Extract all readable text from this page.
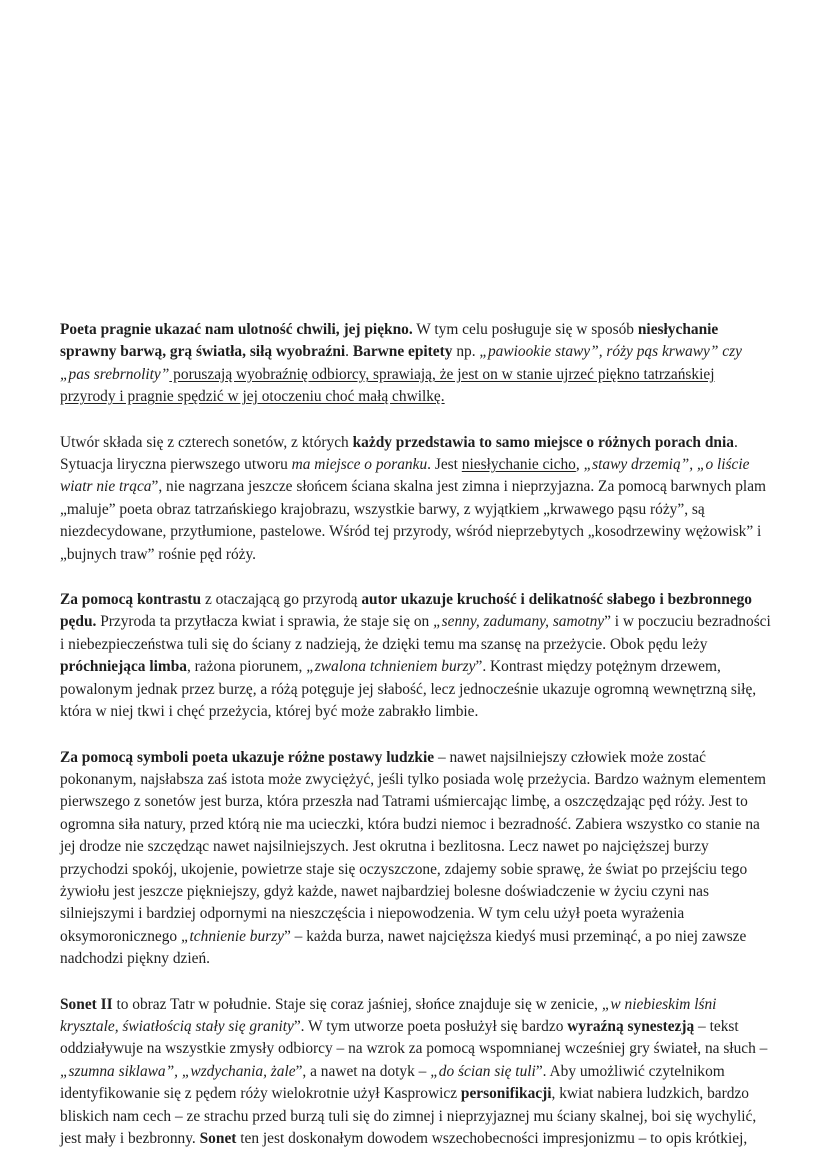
Poeta pragnie ukazać nam ulotność chwili, jej piękno. W tym celu posługuje się w sposób niesłychanie sprawny barwą, grą światła, siłą wyobraźni. Barwne epitety np. „pawiookie stawy”, róży pąs krwawy” czy „pas srebrnolity” poruszają wyobraźnię odbiorcy, sprawiają, że jest on w stanie ujrzeć piękno tatrzańskiej przyrody i pragnie spędzić w jej otoczeniu choć małą chwilkę.

Utwór składa się z czterech sonetów, z których każdy przedstawia to samo miejsce o różnych porach dnia. Sytuacja liryczna pierwszego utworu ma miejsce o poranku. Jest niesłychanie cicho, „stawy drzemią”, „o liście wiatr nie trąca”, nie nagrzana jeszcze słońcem ściana skalna jest zimna i nieprzyjazna. Za pomocą barwnych plam „maluje” poeta obraz tatrzańskiego krajobrazu, wszystkie barwy, z wyjątkiem „krwawego pąsu róży”, są niezdecydowane, przytłumione, pastelowe. Wśród tej przyrody, wśród nieprzebytych „kosodrzewiny wężowisk” i „bujnych traw” rośnie pęd róży.

Za pomocą kontrastu z otaczającą go przyrodą autor ukazuje kruchość i delikatność słabego i bezbronnego pędu. Przyroda ta przytłacza kwiat i sprawia, że staje się on „senny, zadumany, samotny” i w poczuciu bezradności i niebezpieczeństwa tuli się do ściany z nadzieją, że dzięki temu ma szansę na przeżycie. Obok pędu leży próchniejąca limba, rażona piorunem, „zwalona tchnieniem burzy”. Kontrast między potężnym drzewem, powalonym jednak przez burzę, a różą potęguje jej słabość, lecz jednocześnie ukazuje ogromną wewnętrzną siłę, która w niej tkwi i chęć przeżycia, której być może zabrakło limbie.

Za pomocą symboli poeta ukazuje różne postawy ludzkie – nawet najsilniejszy człowiek może zostać pokonanym, najsłabsza zaś istota może zwyciężyć, jeśli tylko posiada wolę przeżycia. Bardzo ważnym elementem pierwszego z sonetów jest burza, która przeszła nad Tatrami uśmiercając limbę, a oszczędzając pęd róży. Jest to ogromna siła natury, przed którą nie ma ucieczki, która budzi niemoc i bezradność. Zabiera wszystko co stanie na jej drodze nie szczędząc nawet najsilniejszych. Jest okrutna i bezlitosna. Lecz nawet po najcięższej burzy przychodzi spokój, ukojenie, powietrze staje się oczyszczone, zdajemy sobie sprawę, że świat po przejściu tego żywiołu jest jeszcze piękniejszy, gdyż każde, nawet najbardziej bolesne doświadczenie w życiu czyni nas silniejszymi i bardziej odpornymi na nieszczęścia i niepowodzenia. W tym celu użył poeta wyrażenia oksymoronicznego „tchnienie burzy” – każda burza, nawet najcięższa kiedyś musi przeminąć, a po niej zawsze nadchodzi piękny dzień.

Sonet II to obraz Tatr w południe. Staje się coraz jaśniej, słońce znajduje się w zenicie, „w niebieskim lśni krysztale, światłością stały się granity”. W tym utworze poeta posłużył się bardzo wyraźną synestezją – tekst oddziaływuje na wszystkie zmysły odbiorcy – na wzrok za pomocą wspomnianej wcześniej gry świateł, na słuch – „szumna siklawa”, „wzdychania, żale”, a nawet na dotyk – „do ścian się tuli”. Aby umożliwić czytelnikom identyfikowanie się z pędem róży wielokrotnie użył Kasprowicz personifikacji, kwiat nabiera ludzkich, bardzo bliskich nam cech – ze strachu przed burzą tuli się do zimnej i nieprzyjaznej mu ściany skalnej, boi się wychylić, jest mały i bezbronny. Sonet ten jest doskonałym dowodem wszechobecności impresjonizmu – to opis krótkiej,
